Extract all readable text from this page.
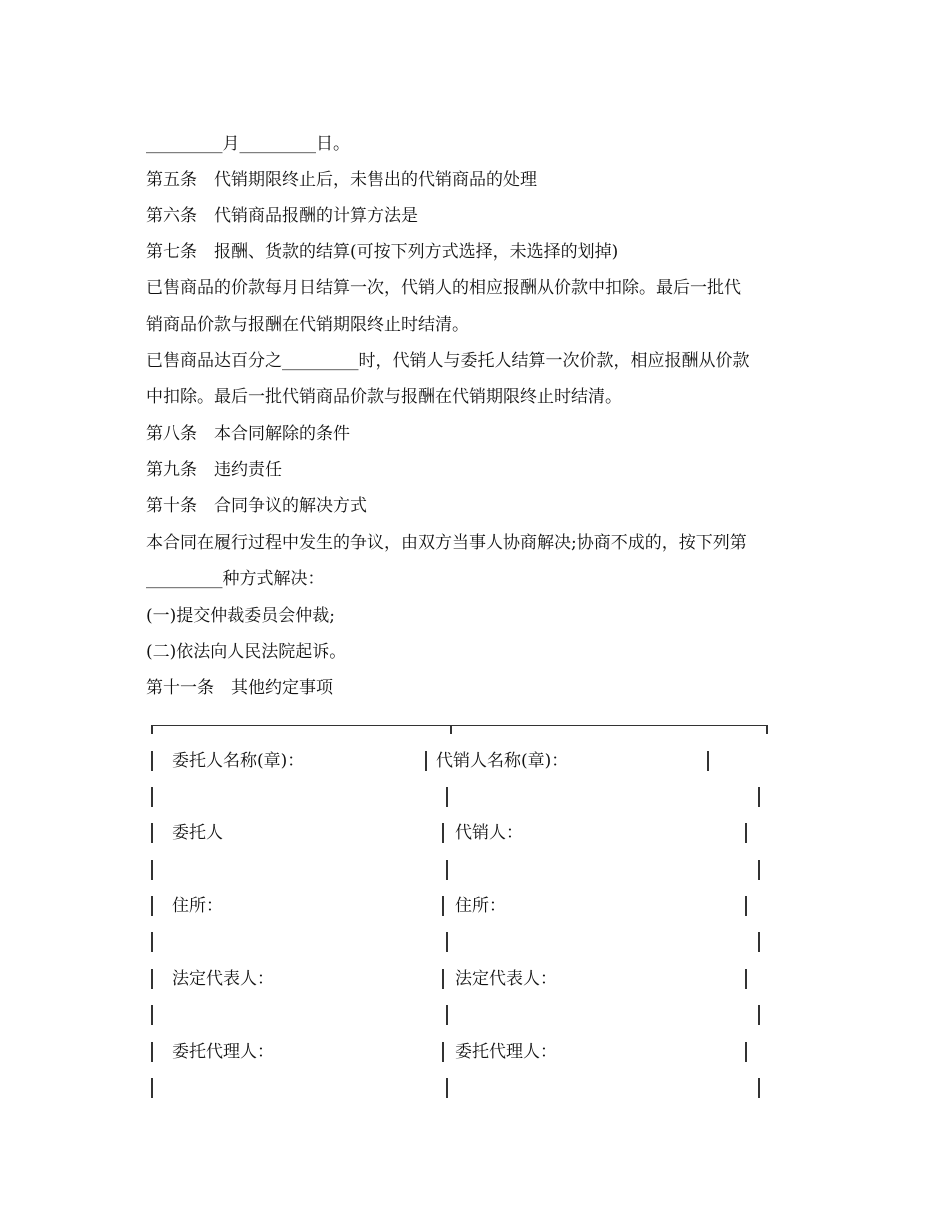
_________月_________日。
第五条　代销期限终止后，未售出的代销商品的处理
第六条　代销商品报酬的计算方法是
第七条　报酬、货款的结算(可按下列方式选择，未选择的划掉)
已售商品的价款每月日结算一次，代销人的相应报酬从价款中扣除。最后一批代
销商品价款与报酬在代销期限终止时结清。
已售商品达百分之_________时，代销人与委托人结算一次价款，相应报酬从价款
中扣除。最后一批代销商品价款与报酬在代销期限终止时结清。
第八条　本合同解除的条件
第九条　违约责任
第十条　合同争议的解决方式
本合同在履行过程中发生的争议，由双方当事人协商解决;协商不成的，按下列第
_________种方式解决：
(一)提交仲裁委员会仲裁;
(二)依法向人民法院起诉。
第十一条　其他约定事项
委托人名称(章)：	代销人名称(章)：
委托人	代销人：
住所：	住所：
法定代表人：	法定代表人：
委托代理人：	委托代理人：
